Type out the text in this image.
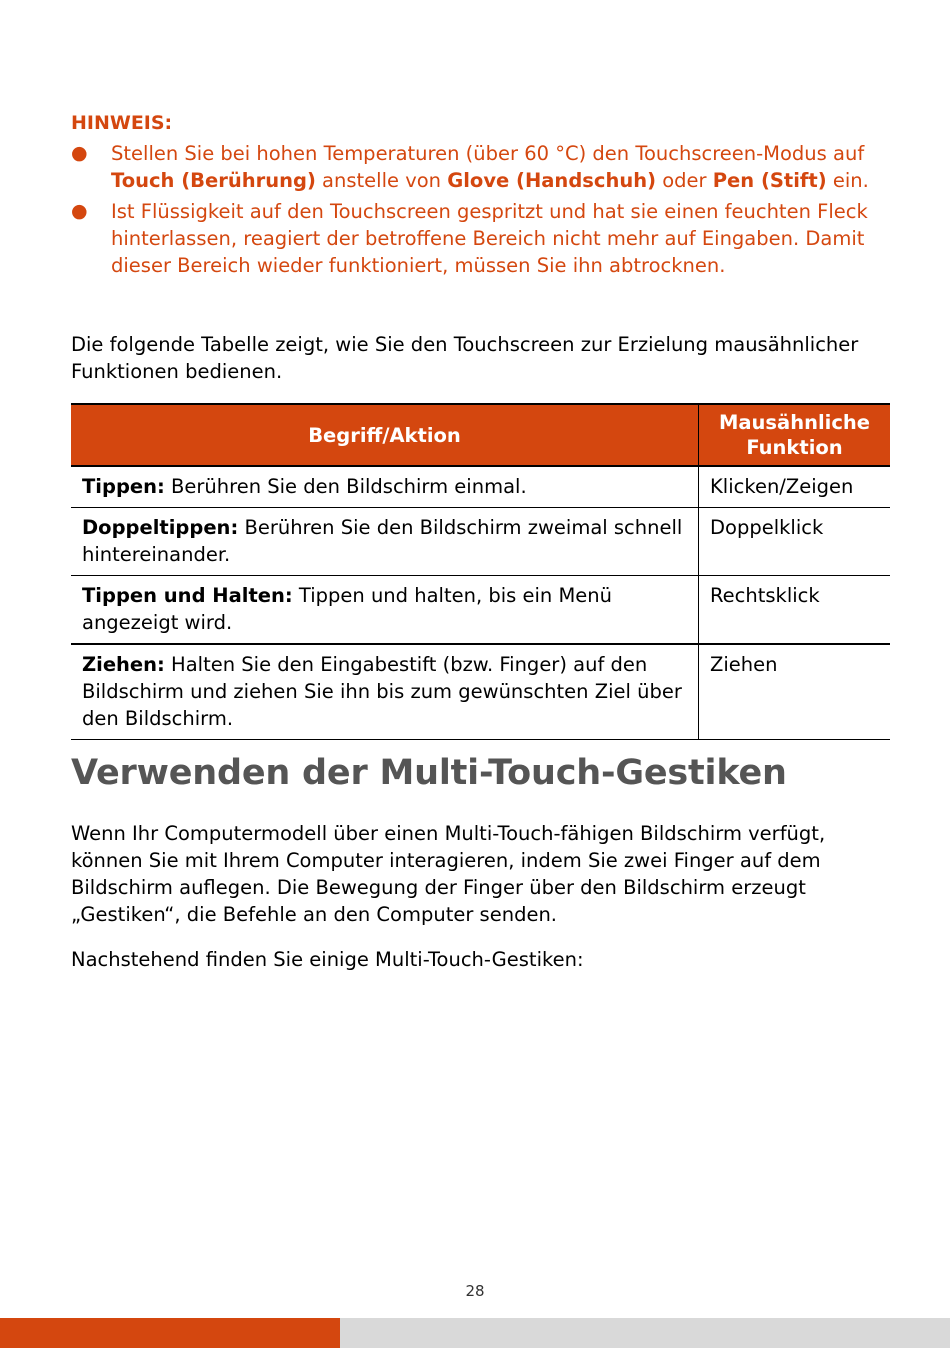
HINWEIS:
● Stellen Sie bei hohen Temperaturen (über 60 °C) den Touchscreen-Modus auf Touch (Berührung) anstelle von Glove (Handschuh) oder Pen (Stift) ein.
● Ist Flüssigkeit auf den Touchscreen gespritzt und hat sie einen feuchten Fleck hinterlassen, reagiert der betroffene Bereich nicht mehr auf Eingaben. Damit dieser Bereich wieder funktioniert, müssen Sie ihn abtrocknen.

Die folgende Tabelle zeigt, wie Sie den Touchscreen zur Erzielung mausähnlicher Funktionen bedienen.

Begriff/Aktion	Mausähnliche Funktion
Tippen: Berühren Sie den Bildschirm einmal.	Klicken/Zeigen
Doppeltippen: Berühren Sie den Bildschirm zweimal schnell hintereinander.	Doppelklick
Tippen und Halten: Tippen und halten, bis ein Menü angezeigt wird.	Rechtsklick
Ziehen: Halten Sie den Eingabestift (bzw. Finger) auf den Bildschirm und ziehen Sie ihn bis zum gewünschten Ziel über den Bildschirm.	Ziehen
Verwenden der Multi-Touch-Gestiken

Wenn Ihr Computermodell über einen Multi-Touch-fähigen Bildschirm verfügt, können Sie mit Ihrem Computer interagieren, indem Sie zwei Finger auf dem Bildschirm auflegen. Die Bewegung der Finger über den Bildschirm erzeugt „Gestiken“, die Befehle an den Computer senden.

Nachstehend finden Sie einige Multi-Touch-Gestiken:

28
